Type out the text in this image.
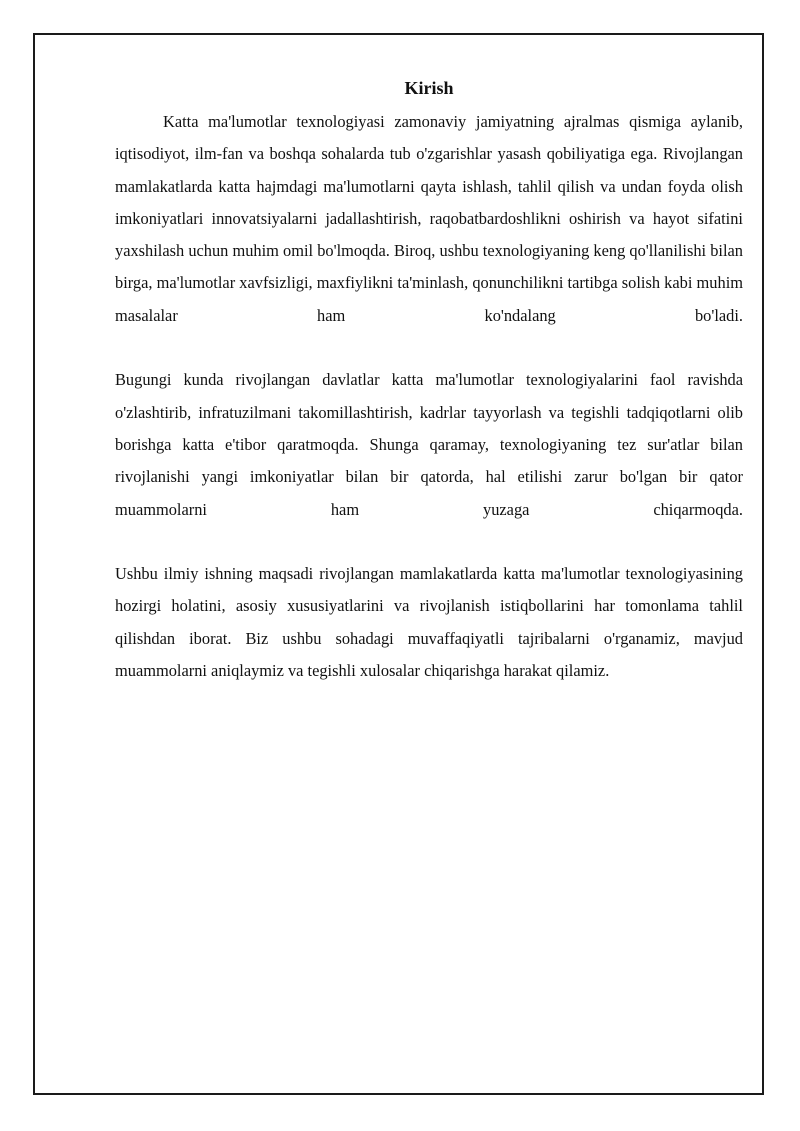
Kirish

Katta ma'lumotlar texnologiyasi zamonaviy jamiyatning ajralmas qismiga aylanib, iqtisodiyot, ilm-fan va boshqa sohalarda tub o'zgarishlar yasash qobiliyatiga ega. Rivojlangan mamlakatlarda katta hajmdagi ma'lumotlarni qayta ishlash, tahlil qilish va undan foyda olish imkoniyatlari innovatsiyalarni jadallashtirish, raqobatbardoshlikni oshirish va hayot sifatini yaxshilash uchun muhim omil bo'lmoqda. Biroq, ushbu texnologiyaning keng qo'llanilishi bilan birga, ma'lumotlar xavfsizligi, maxfiylikni ta'minlash, qonunchilikni tartibga solish kabi muhim masalalar ham ko'ndalang bo'ladi.

Bugungi kunda rivojlangan davlatlar katta ma'lumotlar texnologiyalarini faol ravishda o'zlashtirib, infratuzilmani takomillashtirish, kadrlar tayyorlash va tegishli tadqiqotlarni olib borishga katta e'tibor qaratmoqda. Shunga qaramay, texnologiyaning tez sur'atlar bilan rivojlanishi yangi imkoniyatlar bilan bir qatorda, hal etilishi zarur bo'lgan bir qator muammolarni ham yuzaga chiqarmoqda.

Ushbu ilmiy ishning maqsadi rivojlangan mamlakatlarda katta ma'lumotlar texnologiyasining hozirgi holatini, asosiy xususiyatlarini va rivojlanish istiqbollarini har tomonlama tahlil qilishdan iborat. Biz ushbu sohadagi muvaffaqiyatli tajribalarni o'rganamiz, mavjud muammolarni aniqlaymiz va tegishli xulosalar chiqarishga harakat qilamiz.
